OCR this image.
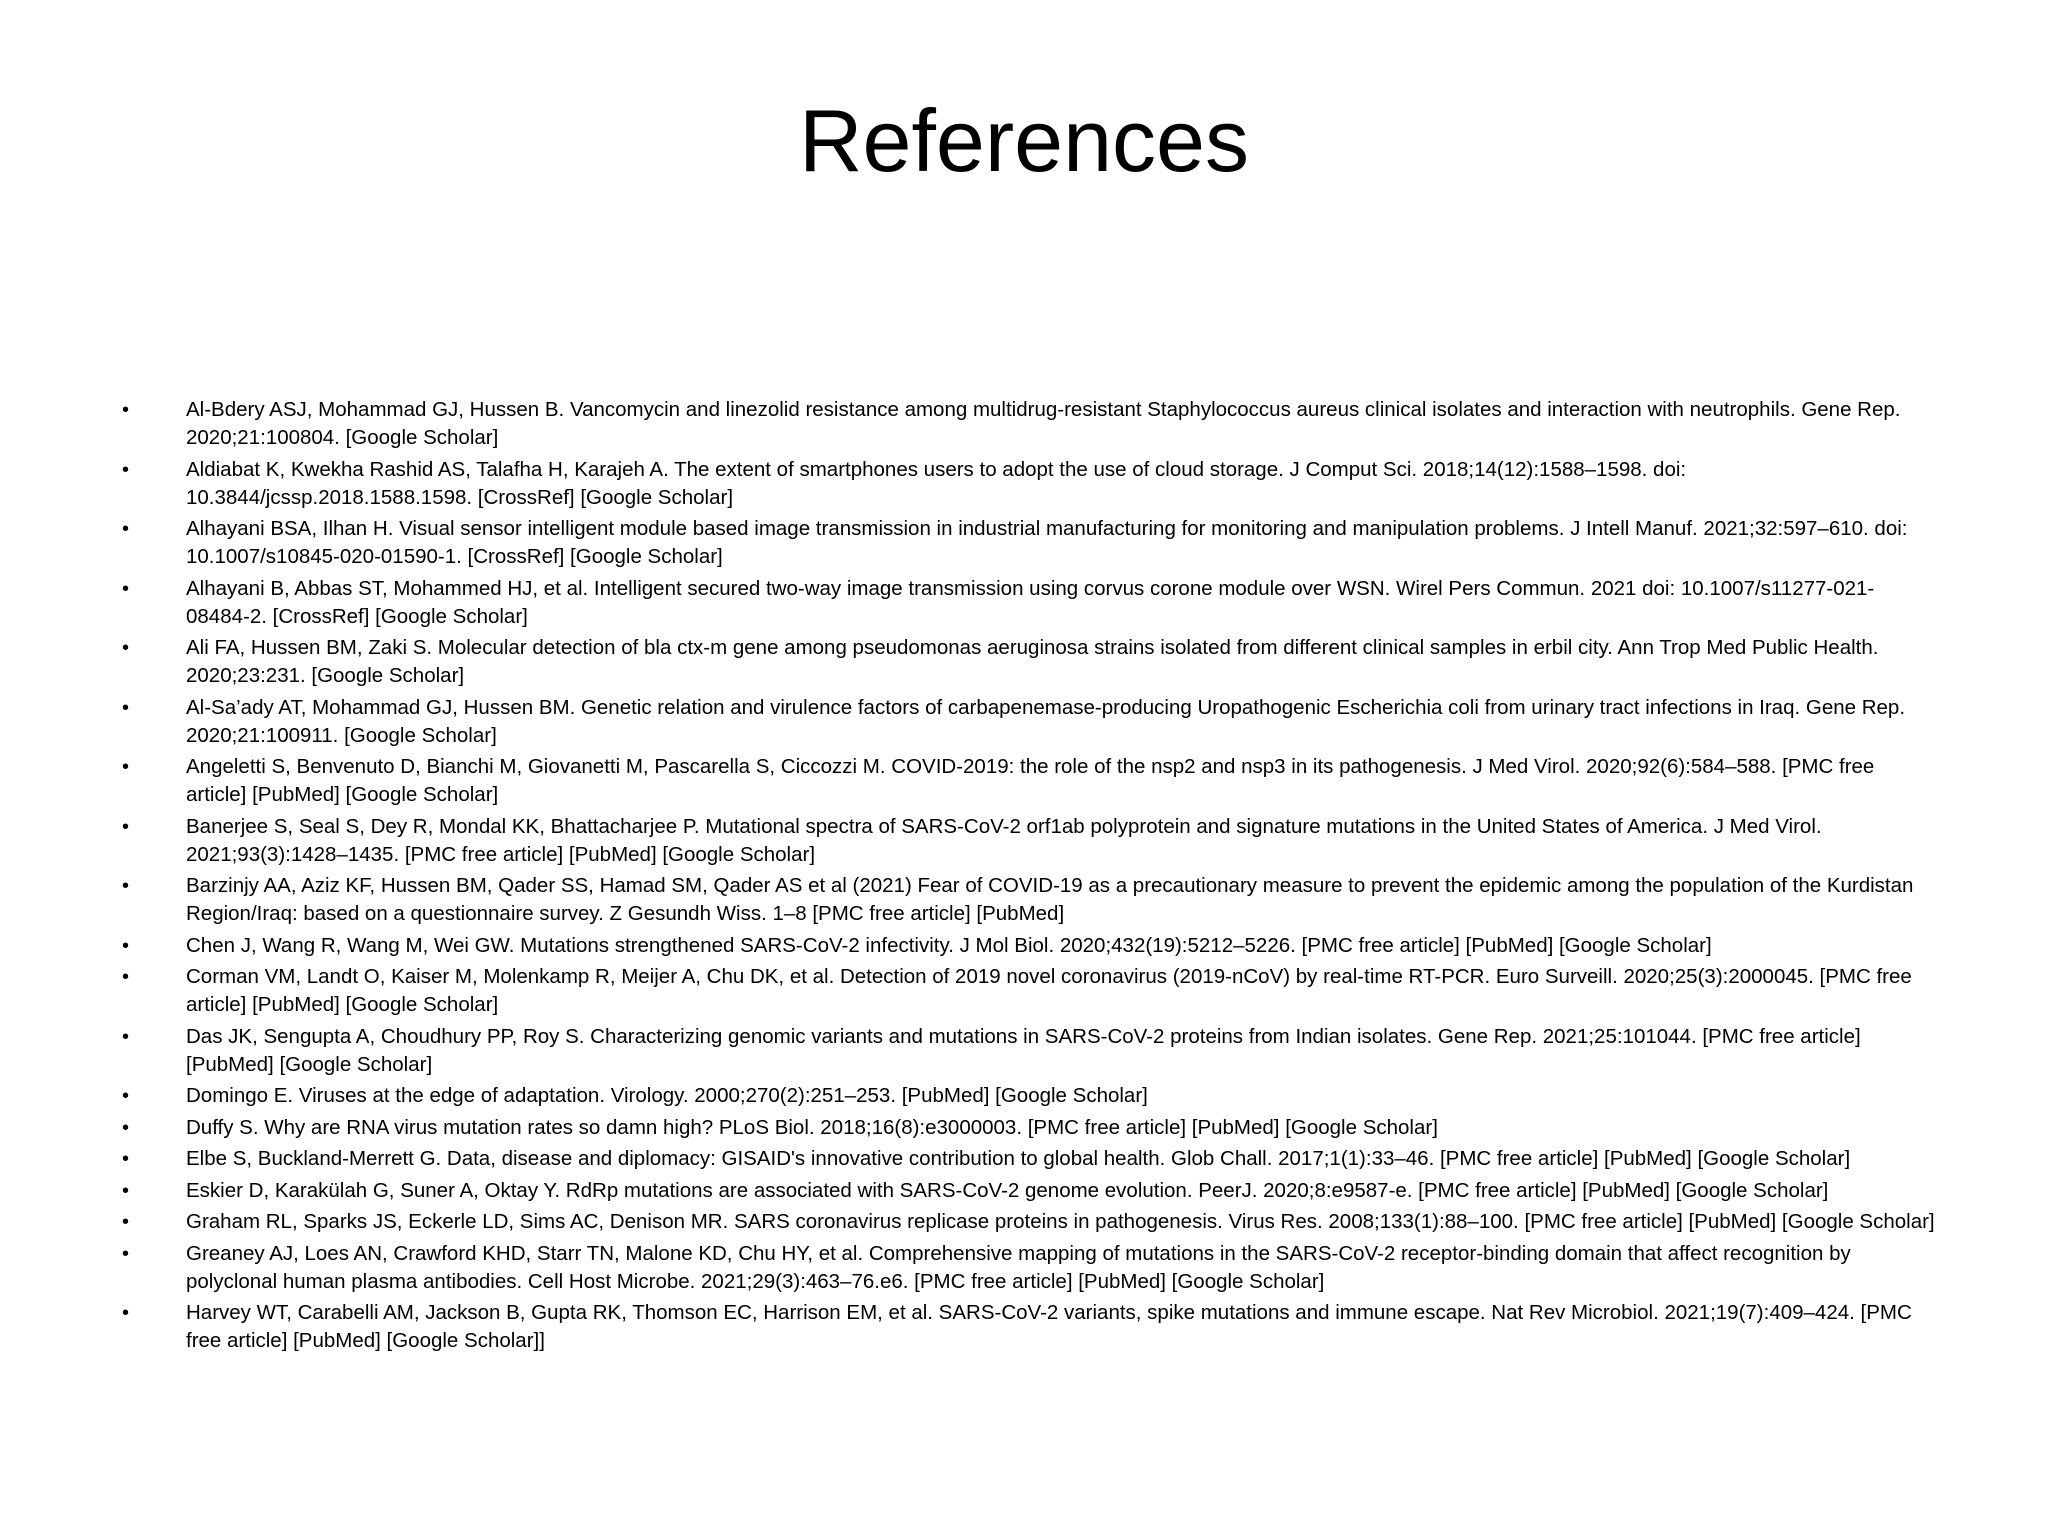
References
•	Al-Bdery ASJ, Mohammad GJ, Hussen B. Vancomycin and linezolid resistance among multidrug-resistant Staphylococcus aureus clinical isolates and interaction with neutrophils. Gene Rep. 2020;21:100804. [Google Scholar]
•	Aldiabat K, Kwekha Rashid AS, Talafha H, Karajeh A. The extent of smartphones users to adopt the use of cloud storage. J Comput Sci. 2018;14(12):1588–1598. doi: 10.3844/jcssp.2018.1588.1598. [CrossRef] [Google Scholar]
•	Alhayani BSA, Ilhan H. Visual sensor intelligent module based image transmission in industrial manufacturing for monitoring and manipulation problems. J Intell Manuf. 2021;32:597–610. doi: 10.1007/s10845-020-01590-1. [CrossRef] [Google Scholar]
•	Alhayani B, Abbas ST, Mohammed HJ, et al. Intelligent secured two-way image transmission using corvus corone module over WSN. Wirel Pers Commun. 2021 doi: 10.1007/s11277-021-08484-2. [CrossRef] [Google Scholar]
•	Ali FA, Hussen BM, Zaki S. Molecular detection of bla ctx-m gene among pseudomonas aeruginosa strains isolated from different clinical samples in erbil city. Ann Trop Med Public Health. 2020;23:231. [Google Scholar]
•	Al-Sa’ady AT, Mohammad GJ, Hussen BM. Genetic relation and virulence factors of carbapenemase-producing Uropathogenic Escherichia coli from urinary tract infections in Iraq. Gene Rep. 2020;21:100911. [Google Scholar]
•	Angeletti S, Benvenuto D, Bianchi M, Giovanetti M, Pascarella S, Ciccozzi M. COVID-2019: the role of the nsp2 and nsp3 in its pathogenesis. J Med Virol. 2020;92(6):584–588. [PMC free article] [PubMed] [Google Scholar]
•	Banerjee S, Seal S, Dey R, Mondal KK, Bhattacharjee P. Mutational spectra of SARS-CoV-2 orf1ab polyprotein and signature mutations in the United States of America. J Med Virol. 2021;93(3):1428–1435. [PMC free article] [PubMed] [Google Scholar]
•	Barzinjy AA, Aziz KF, Hussen BM, Qader SS, Hamad SM, Qader AS et al (2021) Fear of COVID-19 as a precautionary measure to prevent the epidemic among the population of the Kurdistan Region/Iraq: based on a questionnaire survey. Z Gesundh Wiss. 1–8 [PMC free article] [PubMed]
•	Chen J, Wang R, Wang M, Wei GW. Mutations strengthened SARS-CoV-2 infectivity. J Mol Biol. 2020;432(19):5212–5226. [PMC free article] [PubMed] [Google Scholar]
•	Corman VM, Landt O, Kaiser M, Molenkamp R, Meijer A, Chu DK, et al. Detection of 2019 novel coronavirus (2019-nCoV) by real-time RT-PCR. Euro Surveill. 2020;25(3):2000045. [PMC free article] [PubMed] [Google Scholar]
•	Das JK, Sengupta A, Choudhury PP, Roy S. Characterizing genomic variants and mutations in SARS-CoV-2 proteins from Indian isolates. Gene Rep. 2021;25:101044. [PMC free article] [PubMed] [Google Scholar]
•	Domingo E. Viruses at the edge of adaptation. Virology. 2000;270(2):251–253. [PubMed] [Google Scholar]
•	Duffy S. Why are RNA virus mutation rates so damn high? PLoS Biol. 2018;16(8):e3000003. [PMC free article] [PubMed] [Google Scholar]
•	Elbe S, Buckland-Merrett G. Data, disease and diplomacy: GISAID's innovative contribution to global health. Glob Chall. 2017;1(1):33–46. [PMC free article] [PubMed] [Google Scholar]
•	Eskier D, Karakülah G, Suner A, Oktay Y. RdRp mutations are associated with SARS-CoV-2 genome evolution. PeerJ. 2020;8:e9587-e. [PMC free article] [PubMed] [Google Scholar]
•	Graham RL, Sparks JS, Eckerle LD, Sims AC, Denison MR. SARS coronavirus replicase proteins in pathogenesis. Virus Res. 2008;133(1):88–100. [PMC free article] [PubMed] [Google Scholar]
•	Greaney AJ, Loes AN, Crawford KHD, Starr TN, Malone KD, Chu HY, et al. Comprehensive mapping of mutations in the SARS-CoV-2 receptor-binding domain that affect recognition by polyclonal human plasma antibodies. Cell Host Microbe. 2021;29(3):463–76.e6. [PMC free article] [PubMed] [Google Scholar]
•	Harvey WT, Carabelli AM, Jackson B, Gupta RK, Thomson EC, Harrison EM, et al. SARS-CoV-2 variants, spike mutations and immune escape. Nat Rev Microbiol. 2021;19(7):409–424. [PMC free article] [PubMed] [Google Scholar]]
